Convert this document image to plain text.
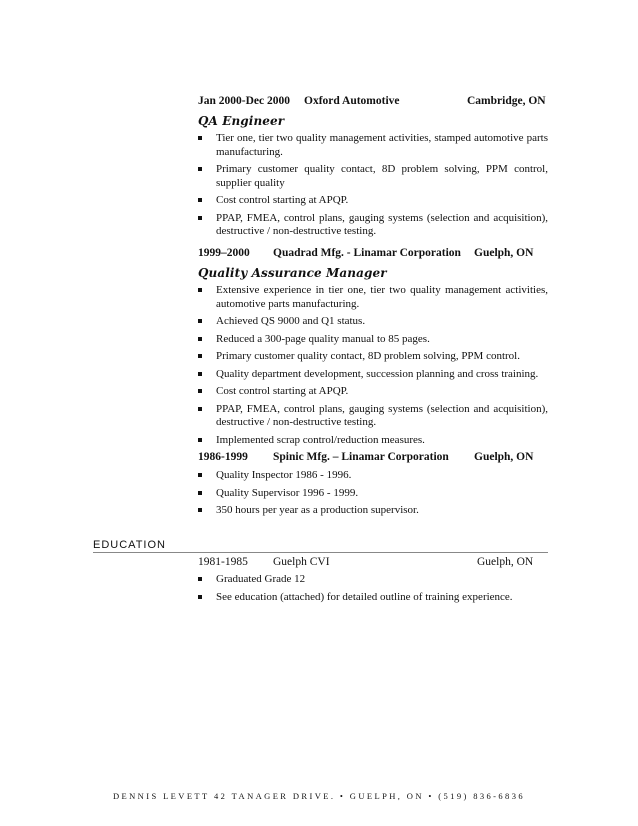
Jan 2000-Dec 2000 Oxford Automotive	Cambridge, ON
QA Engineer
Tier one, tier two quality management activities, stamped automotive parts manufacturing.
Primary customer quality contact, 8D problem solving, PPM control, supplier quality
Cost control starting at APQP.
PPAP, FMEA, control plans, gauging systems (selection and acquisition), destructive / non-destructive testing.
1999–2000 Quadrad Mfg. - Linamar Corporation Guelph, ON
Quality Assurance Manager
Extensive experience in tier one, tier two quality management activities, automotive parts manufacturing.
Achieved QS 9000 and Q1 status.
Reduced a 300-page quality manual to 85 pages.
Primary customer quality contact, 8D problem solving, PPM control.
Quality department development, succession planning and cross training.
Cost control starting at APQP.
PPAP, FMEA, control plans, gauging systems (selection and acquisition), destructive / non-destructive testing.
Implemented scrap control/reduction measures.
1986-1999 Spinic Mfg. – Linamar Corporation Guelph, ON
Quality Inspector 1986 - 1996.
Quality Supervisor 1996 - 1999.
350 hours per year as a production supervisor.
EDUCATION
1981-1985 Guelph CVI	Guelph, ON
Graduated Grade 12
See education (attached) for detailed outline of training experience.
DENNIS LEVETT 42 TANAGER DRIVE. • GUELPH, ON • (519) 836-6836
